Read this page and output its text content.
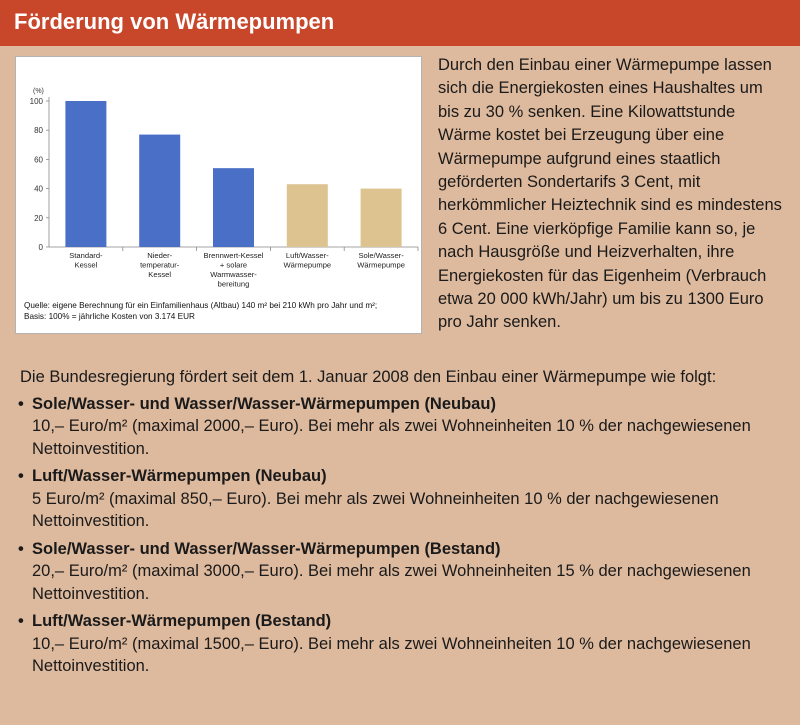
Förderung von Wärmepumpen
(%)
0
20
40
60
80
100
Standard-
Kessel
Nieder-
temperatur-
Kessel
Brennwert-Kessel
+ solare
Warmwasser-
bereitung
Luft/Wasser-
Wärmepumpe
Sole/Wasser-
Wärmepumpe
Quelle: eigene Berechnung für ein Einfamilienhaus (Altbau) 140 m² bei 210 kWh pro Jahr und m²;
Basis: 100% = jährliche Kosten von 3.174 EUR

Durch den Einbau einer Wärmepumpe lassen sich die Energiekosten eines Haushaltes um bis zu 30 % senken. Eine Kilowattstunde Wärme kostet bei Erzeugung über eine Wärmepumpe aufgrund eines staatlich geförderten Sondertarifs 3 Cent, mit herkömmlicher Heiztechnik sind es mindestens 6 Cent. Eine vierköpfige Familie kann so, je nach Hausgröße und Heizverhalten, ihre Energiekosten für das Eigenheim (Verbrauch etwa 20 000 kWh/Jahr) um bis zu 1300 Euro pro Jahr senken.

Die Bundesregierung fördert seit dem 1. Januar 2008 den Einbau einer Wärmepumpe wie folgt:

• Sole/Wasser- und Wasser/Wasser-Wärmepumpen (Neubau)
10,– Euro/m² (maximal 2000,– Euro). Bei mehr als zwei Wohneinheiten 10 % der nachgewiesenen Nettoinvestition.
• Luft/Wasser-Wärmepumpen (Neubau)
5 Euro/m² (maximal 850,– Euro). Bei mehr als zwei Wohneinheiten 10 % der nachgewiesenen Nettoinvestition.
• Sole/Wasser- und Wasser/Wasser-Wärmepumpen (Bestand)
20,– Euro/m² (maximal 3000,– Euro). Bei mehr als zwei Wohneinheiten 15 % der nachgewiesenen Nettoinvestition.
• Luft/Wasser-Wärmepumpen (Bestand)
10,– Euro/m² (maximal 1500,– Euro). Bei mehr als zwei Wohneinheiten 10 % der nachgewiesenen Nettoinvestition.
